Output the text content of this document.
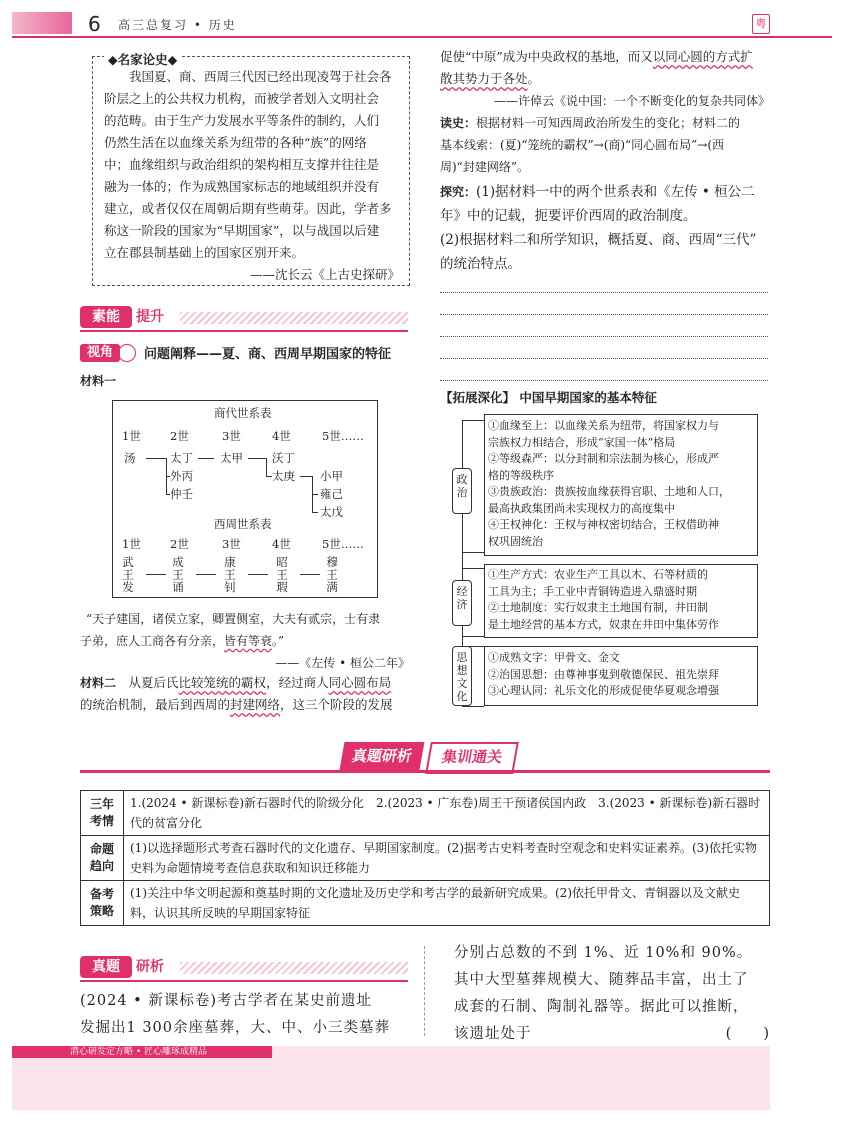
6 高三总复习 • 历史	粤
◆名家论史◆
我国夏、商、西周三代因已经出现凌驾于社会各
阶层之上的公共权力机构，而被学者划入文明社会
的范畴。由于生产力发展水平等条件的制约，人们
仍然生活在以血缘关系为纽带的各种“族”的网络
中；血缘组织与政治组织的架构相互支撑并往往是
融为一体的；作为成熟国家标志的地域组织并没有
建立，或者仅仅在周朝后期有些萌芽。因此，学者多
称这一阶段的国家为“早期国家”，以与战国以后建
立在郡县制基础上的国家区别开来。
——沈长云《上古史探研》
素能	提升
视角	问题阐释——夏、商、西周早期国家的特征
材料一
商代世系表
1世	2世	3世	4世	5世……
汤	太丁 太甲	沃丁
外丙	太庚 小甲
仲壬	雍己
太戊
西周世系表
1世	2世	3世	4世	5世……
武王发	成王诵	康王钊	昭王瑕	穆王满
“天子建国，诸侯立家，卿置侧室，大夫有贰宗，士有隶
子弟，庶人工商各有分亲，皆有等衰。”
——《左传 • 桓公二年》
材料二　 从夏后氏比较笼统的霸权，经过商人同心圆布局
的统治机制，最后到西周的封建网络，这三个阶段的发展
促使“中原”成为中央政权的基地，而又以同心圆的方式扩
散其势力于各处。
——许倬云《说中国：一个不断变化的复杂共同体》
读史：根据材料一可知西周政治所发生的变化；材料二的
基本线索：(夏)“笼统的霸权”→(商)“同心圆布局”→(西
周)“封建网络”。
探究：(1)据材料一中的两个世系表和《左传 • 桓公二
年》中的记载，扼要评价西周的政治制度。
(2)根据材料二和所学知识，概括夏、商、西周“三代”
的统治特点。
【拓展深化】 中国早期国家的基本特征
政治
①血缘至上：以血缘关系为纽带，将国家权力与
宗族权力相结合，形成“家国一体”格局
②等级森严：以分封制和宗法制为核心，形成严
格的等级秩序
③贵族政治：贵族按血缘获得官职、土地和人口，
最高执政集团尚未实现权力的高度集中
④王权神化：王权与神权密切结合，王权借助神
权巩固统治
经济
①生产方式：农业生产工具以木、石等材质的
工具为主；手工业中青铜铸造进入鼎盛时期
②土地制度：实行奴隶主土地国有制，井田制
是土地经营的基本方式，奴隶在井田中集体劳作
思想文化
①成熟文字：甲骨文、金文
②治国思想：由尊神事鬼到敬德保民、祖先崇拜
③心理认同：礼乐文化的形成促使华夏观念增强
真题研析	集训通关
三年考情	1.(2024 • 新课标卷)新石器时代的阶级分化　2.(2023 • 广东卷)周王干预诸侯国内政　3.(2023 • 新课标卷)新石器时代的贫富分化
命题趋向	(1)以选择题形式考查石器时代的文化遗存、早期国家制度。(2)据考古史料考查时空观念和史料实证素养。(3)依托实物史料为命题情境考查信息获取和知识迁移能力
备考策略	(1)关注中华文明起源和奠基时期的文化遗址及历史学和考古学的最新研究成果。(2)依托甲骨文、青铜器以及文献史料，认识其所反映的早期国家特征
真题	研析
(2024 • 新课标卷)考古学者在某史前遗址
发掘出1 300余座墓葬，大、中、小三类墓葬
分别占总数的不到 1%、近 10%和 90%。
其中大型墓葬规模大、随葬品丰富，出土了
成套的石制、陶制礼器等。据此可以推断，
该遗址处于	(　　)
潜心研发定方略 • 匠心雕琢成精品
